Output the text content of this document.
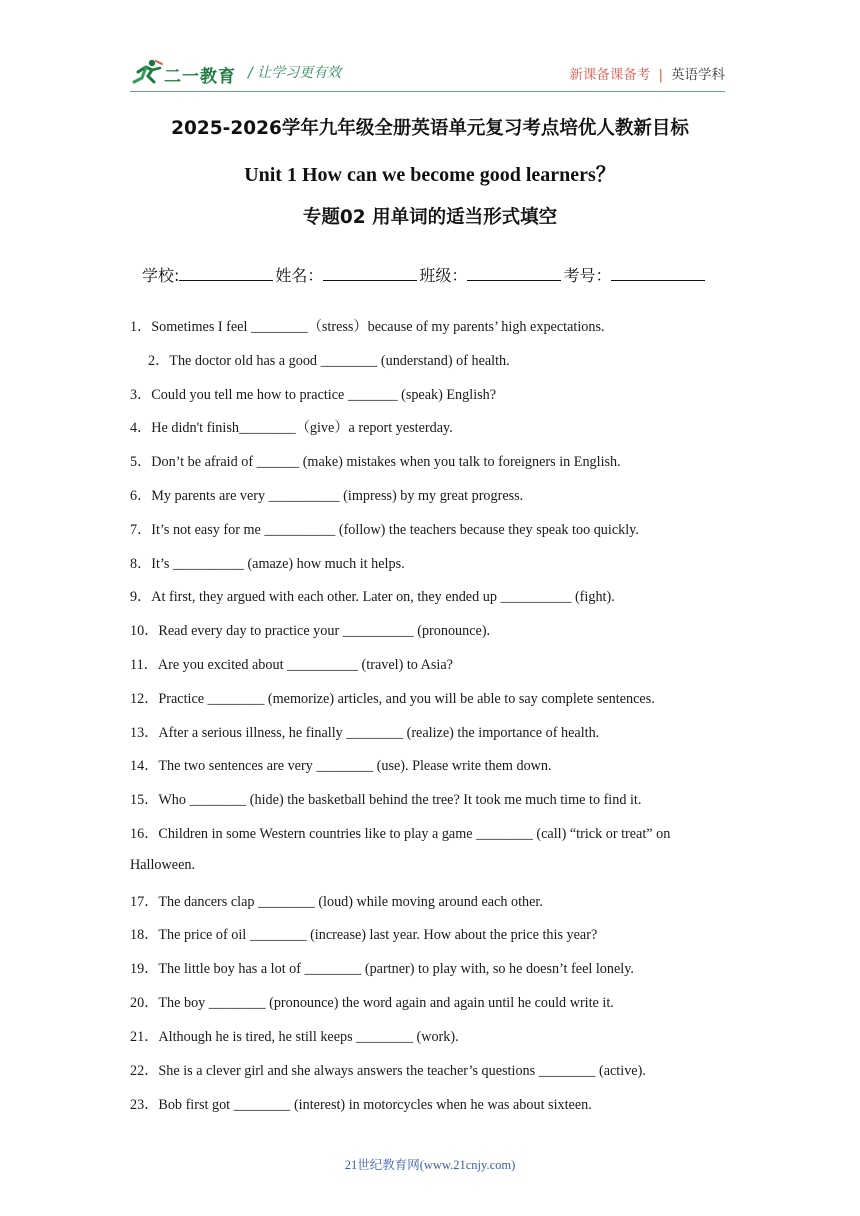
二一教育 / 让学习更有效	新课备课备考 | 英语学科
2025-2026学年九年级全册英语单元复习考点培优人教新目标
Unit 1 How can we become good learners？
专题02 用单词的适当形式填空
学校:	姓名：	班级：	考号：
1．Sometimes I feel ________（stress）because of my parents’ high expectations.
2．The doctor old has a good ________ (understand) of health.
3．Could you tell me how to practice _______ (speak) English?
4．He didn't finish________（give）a report yesterday.
5．Don’t be afraid of ______ (make) mistakes when you talk to foreigners in English.
6．My parents are very __________ (impress) by my great progress.
7．It’s not easy for me __________ (follow) the teachers because they speak too quickly.
8．It’s __________ (amaze) how much it helps.
9．At first, they argued with each other. Later on, they ended up __________ (fight).
10．Read every day to practice your __________ (pronounce).
11．Are you excited about __________ (travel) to Asia?
12．Practice ________ (memorize) articles, and you will be able to say complete sentences.
13．After a serious illness, he finally ________ (realize) the importance of health.
14．The two sentences are very ________ (use). Please write them down.
15．Who ________ (hide) the basketball behind the tree? It took me much time to find it.
16．Children in some Western countries like to play a game ________ (call) “trick or treat” on
Halloween.
17．The dancers clap ________ (loud) while moving around each other.
18．The price of oil ________ (increase) last year. How about the price this year?
19．The little boy has a lot of ________ (partner) to play with, so he doesn’t feel lonely.
20．The boy ________ (pronounce) the word again and again until he could write it.
21．Although he is tired, he still keeps ________ (work).
22．She is a clever girl and she always answers the teacher’s questions ________ (active).
23．Bob first got ________ (interest) in motorcycles when he was about sixteen.
21世纪教育网(www.21cnjy.com)
